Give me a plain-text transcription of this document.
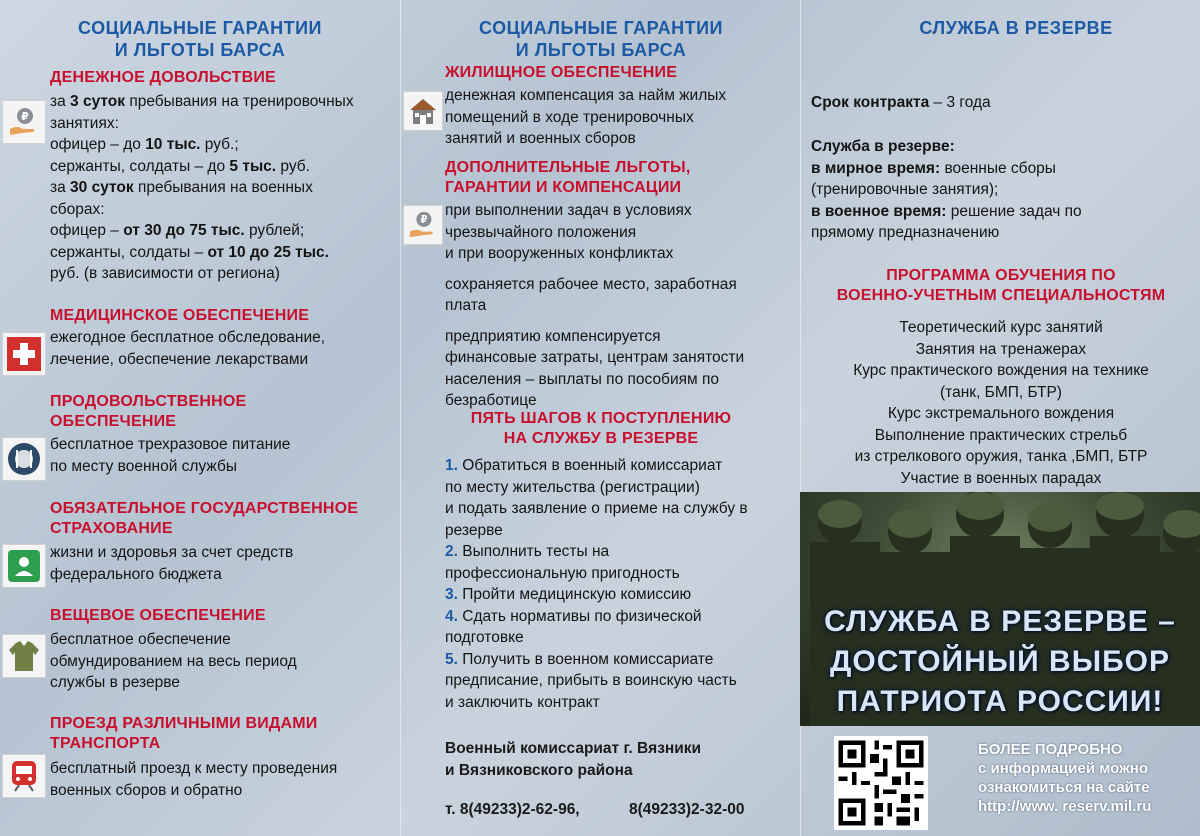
СОЦИАЛЬНЫЕ ГАРАНТИИ
И ЛЬГОТЫ БАРСА
ДЕНЕЖНОЕ ДОВОЛЬСТВИЕ
₽
за 3 суток пребывания на тренировочных
занятиях:
офицер – до 10 тыс. руб.;
сержанты, солдаты – до 5 тыс. руб.
за 30 суток пребывания на военных
сборах:
офицер – от 30 до 75 тыс. рублей;
сержанты, солдаты – от 10 до 25 тыс.
руб. (в зависимости от региона)
МЕДИЦИНСКОЕ ОБЕСПЕЧЕНИЕ
ежегодное бесплатное обследование,
лечение, обеспечение лекарствами
ПРОДОВОЛЬСТВЕННОЕ
ОБЕСПЕЧЕНИЕ
бесплатное трехразовое питание
по месту военной службы
ОБЯЗАТЕЛЬНОЕ ГОСУДАРСТВЕННОЕ
СТРАХОВАНИЕ
жизни и здоровья за счет средств
федерального бюджета
ВЕЩЕВОЕ ОБЕСПЕЧЕНИЕ
бесплатное обеспечение
обмундированием на весь период
службы в резерве
ПРОЕЗД РАЗЛИЧНЫМИ ВИДАМИ
ТРАНСПОРТА
бесплатный проезд к месту проведения
военных сборов и обратно
СОЦИАЛЬНЫЕ ГАРАНТИИ
И ЛЬГОТЫ БАРСА
ЖИЛИЩНОЕ ОБЕСПЕЧЕНИЕ
денежная компенсация за найм жилых
помещений в ходе тренировочных
занятий и военных сборов
ДОПОЛНИТЕЛЬНЫЕ ЛЬГОТЫ,
ГАРАНТИИ И КОМПЕНСАЦИИ
₽
при выполнении задач в условиях
чрезвычайного положения
и при вооруженных конфликтах
сохраняется рабочее место, заработная
плата
предприятию компенсируется
финансовые затраты, центрам занятости
населения – выплаты по пособиям по
безработице
ПЯТЬ ШАГОВ К ПОСТУПЛЕНИЮ
НА СЛУЖБУ В РЕЗЕРВЕ
1. Обратиться в военный комиссариат
по месту жительства (регистрации)
и подать заявление о приеме на службу в
резерве
2. Выполнить тесты на
профессиональную пригодность
3. Пройти медицинскую комиссию
4. Сдать нормативы по физической
подготовке
5. Получить в военном комиссариате
предписание, прибыть в воинскую часть
и заключить контракт
Военный комиссариат г. Вязники
и Вязниковского района
т. 8(49233)2-62-96,	8(49233)2-32-00
СЛУЖБА В РЕЗЕРВЕ
Срок контракта – 3 года
Служба в резерве:
в мирное время: военные сборы
(тренировочные занятия);
в военное время: решение задач по
прямому предназначению
ПРОГРАММА ОБУЧЕНИЯ ПО
ВОЕННО-УЧЕТНЫМ СПЕЦИАЛЬНОСТЯМ
Теоретический курс занятий
Занятия на тренажерах
Курс практического вождения на технике
(танк, БМП, БТР)
Курс экстремального вождения
Выполнение практических стрельб
из стрелкового оружия, танка ,БМП, БТР
Участие в военных парадах
СЛУЖБА В РЕЗЕРВЕ –
ДОСТОЙНЫЙ ВЫБОР
ПАТРИОТА РОССИИ!
БОЛЕЕ ПОДРОБНО
с информацией можно
ознакомиться на сайте
http://www. reserv.mil.ru
